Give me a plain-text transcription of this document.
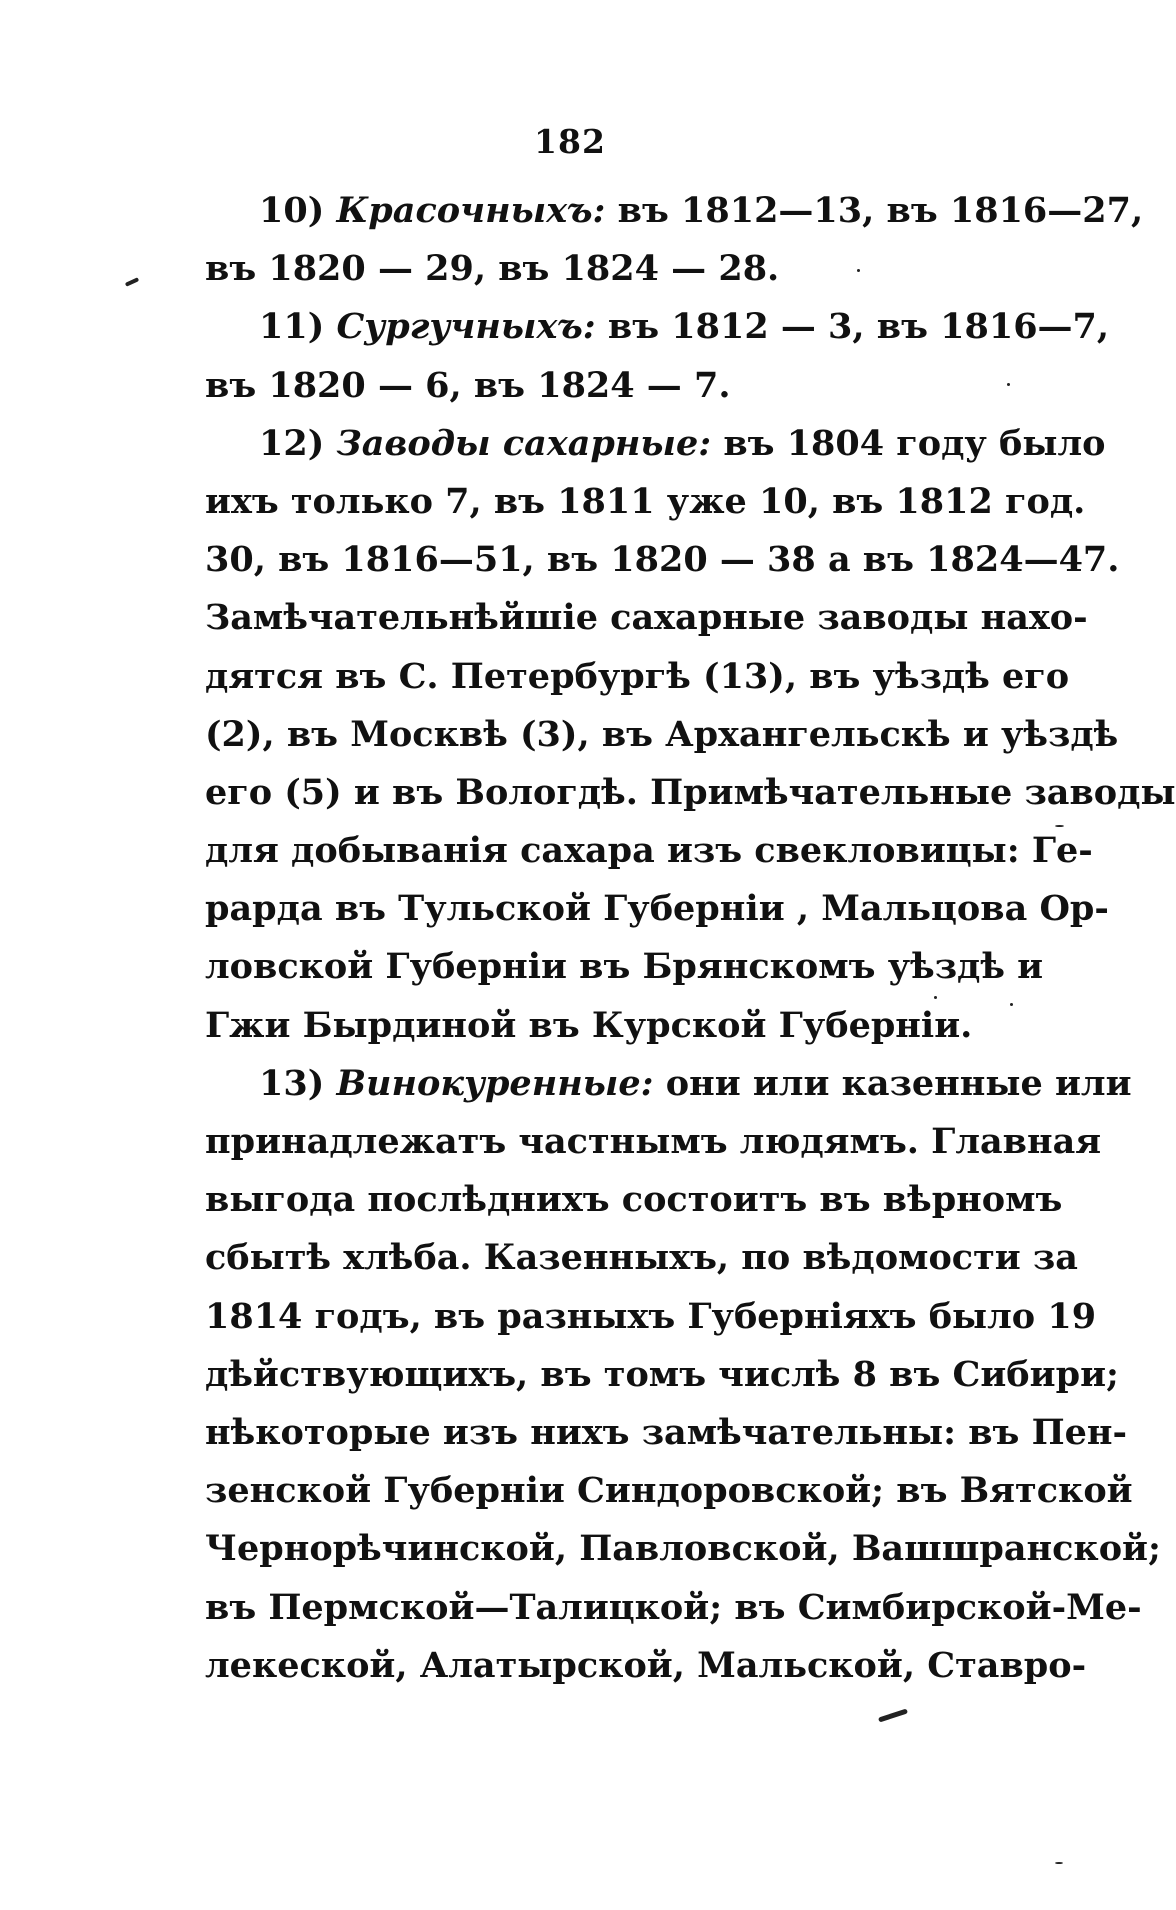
182
10) Красочныхъ: въ 1812—13, въ 1816—27,
въ 1820 — 29, въ 1824 — 28.
11) Сургучныхъ: въ 1812 — 3, въ 1816—7,
въ 1820 — 6, въ 1824 — 7.
12) Заводы сахарные: въ 1804 году было
ихъ только 7, въ 1811 уже 10, въ 1812 год.
30, въ 1816—51, въ 1820 — 38 а въ 1824—47.
Замѣчательнѣйшіе сахарные заводы нахо-
дятся въ С. Петербургѣ (13), въ уѣздѣ его
(2), въ Москвѣ (3), въ Архангельскѣ и уѣздѣ
его (5) и въ Вологдѣ. Примѣчательные заводы
для добыванія сахара изъ свекловицы: Ге-
рарда въ Тульской Губерніи , Мальцова Ор-
ловской Губерніи въ Брянскомъ уѣздѣ и
Гжи Бырдиной въ Курской Губерніи.
13) Винокуренные: они или казенные или
принадлежатъ частнымъ людямъ. Главная
выгода послѣднихъ состоитъ въ вѣрномъ
сбытѣ хлѣба. Казенныхъ, по вѣдомости за
1814 годъ, въ разныхъ Губерніяхъ было 19
дѣйствующихъ, въ томъ числѣ 8 въ Сибири;
нѣкоторые изъ нихъ замѣчательны: въ Пен-
зенской Губерніи Синдоровской; въ Вятской
Чернорѣчинской, Павловской, Вашшранской;
въ Пермской—Талицкой; въ Симбирской-Ме-
лекеской, Алатырской, Мальской, Ставро-
